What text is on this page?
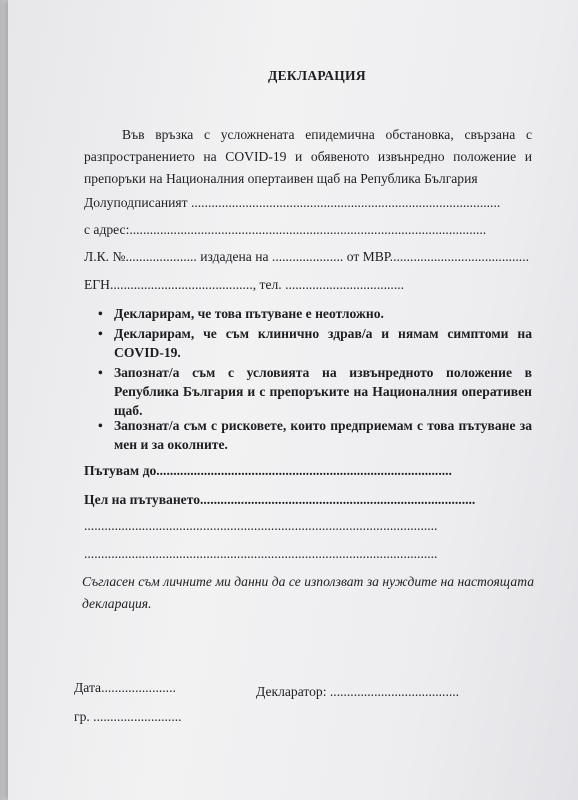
ДЕКЛАРАЦИЯ
Във връзка с усложнената епидемична обстановка, свързана с разпространението на COVID-19 и обявеното извънредно положение и препоръки на Националния опертаивен щаб на Република България
Долуподписаният ...........................................................................................
с адрес:.........................................................................................................
Л.К. №..................... издадена на ..................... от МВР.........................................
ЕГН.........................................., тел. ...................................
• Декларирам, че това пътуване е неотложно.
• Декларирам, че съм клинично здрав/а и нямам симптоми на COVID-19.
• Запознат/а съм с условията на извънредното положение в Република България и с препоръките на Националния оперативен щаб.
• Запознат/а съм с рисковете, които предприемам с това пътуване за мен и за околните.
Пътувам до.......................................................................................
Цел на пътуването.................................................................................
........................................................................................................
........................................................................................................
Съгласен съм личните ми данни да се използват за нуждите на настоящата декларация.
Дата......................	Декларатор: ......................................
гр. ..........................
